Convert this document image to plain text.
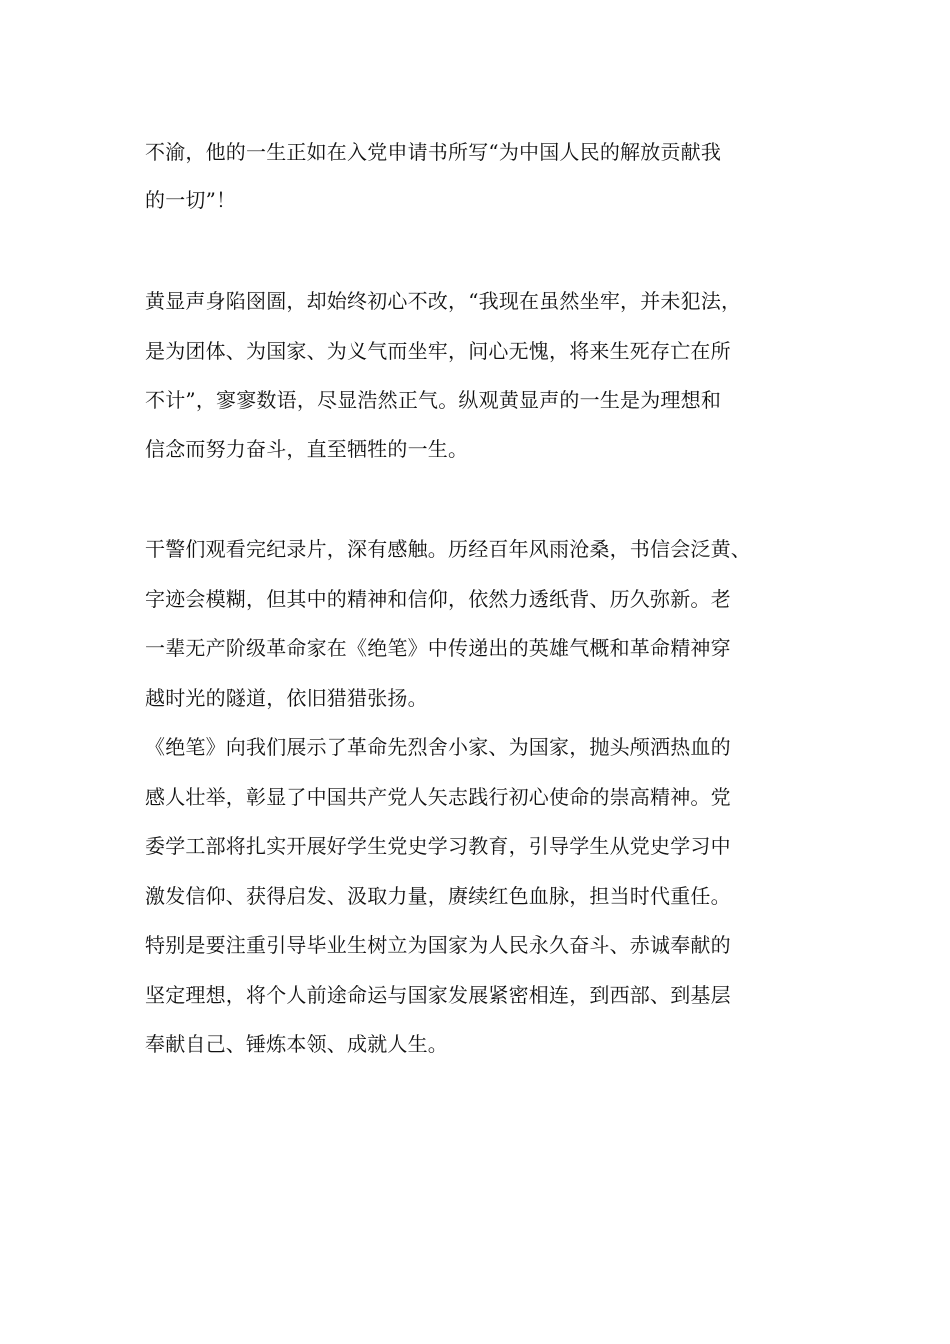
不渝，他的一生正如在入党申请书所写“为中国人民的解放贡献我

的一切”！

黄显声身陷囹圄，却始终初心不改，“我现在虽然坐牢，并未犯法，

是为团体、为国家、为义气而坐牢，问心无愧，将来生死存亡在所

不计”，寥寥数语，尽显浩然正气。纵观黄显声的一生是为理想和

信念而努力奋斗，直至牺牲的一生。

干警们观看完纪录片，深有感触。历经百年风雨沧桑，书信会泛黄、

字迹会模糊，但其中的精神和信仰，依然力透纸背、历久弥新。老

一辈无产阶级革命家在《绝笔》中传递出的英雄气概和革命精神穿

越时光的隧道，依旧猎猎张扬。

《绝笔》向我们展示了革命先烈舍小家、为国家，抛头颅洒热血的

感人壮举，彰显了中国共产党人矢志践行初心使命的崇高精神。党

委学工部将扎实开展好学生党史学习教育，引导学生从党史学习中

激发信仰、获得启发、汲取力量，赓续红色血脉，担当时代重任。

特别是要注重引导毕业生树立为国家为人民永久奋斗、赤诚奉献的

坚定理想，将个人前途命运与国家发展紧密相连，到西部、到基层

奉献自己、锤炼本领、成就人生。
